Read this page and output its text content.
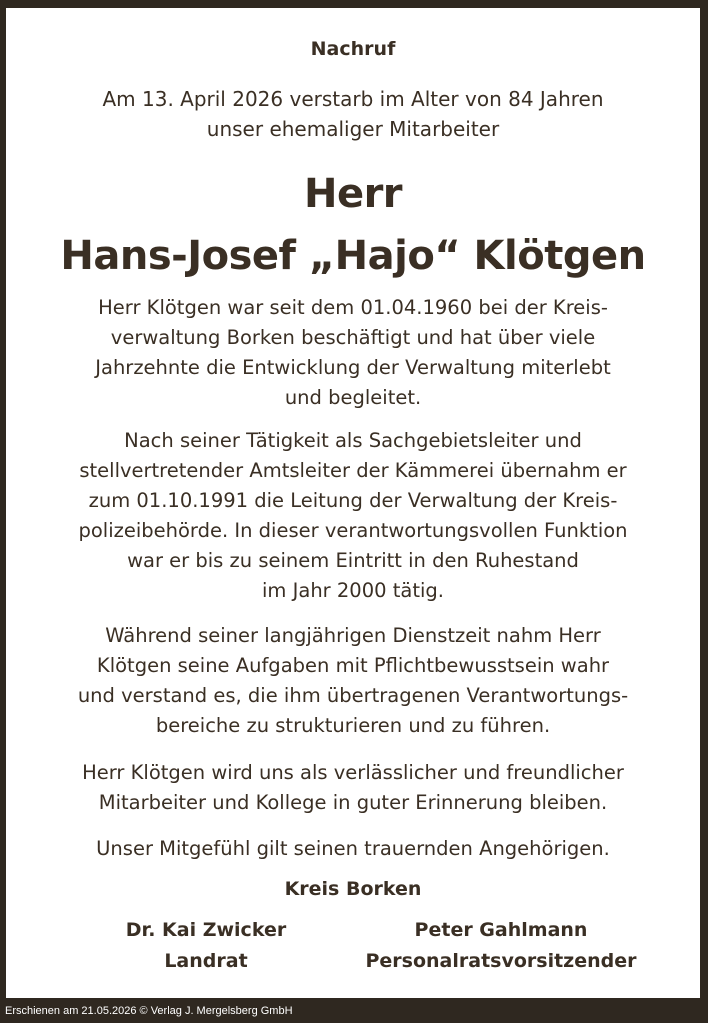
Nachruf
Am 13. April 2026 verstarb im Alter von 84 Jahren
unser ehemaliger Mitarbeiter
Herr
Hans-Josef „Hajo“ Klötgen
Herr Klötgen war seit dem 01.04.1960 bei der Kreis-
verwaltung Borken beschäftigt und hat über viele
Jahrzehnte die Entwicklung der Verwaltung miterlebt
und begleitet.
Nach seiner Tätigkeit als Sachgebietsleiter und
stellvertretender Amtsleiter der Kämmerei übernahm er
zum 01.10.1991 die Leitung der Verwaltung der Kreis-
polizeibehörde. In dieser verantwortungsvollen Funktion
war er bis zu seinem Eintritt in den Ruhestand
im Jahr 2000 tätig.
Während seiner langjährigen Dienstzeit nahm Herr
Klötgen seine Aufgaben mit Pflichtbewusstsein wahr
und verstand es, die ihm übertragenen Verantwortungs-
bereiche zu strukturieren und zu führen.
Herr Klötgen wird uns als verlässlicher und freundlicher
Mitarbeiter und Kollege in guter Erinnerung bleiben.
Unser Mitgefühl gilt seinen trauernden Angehörigen.
Kreis Borken
Dr. Kai Zwicker
Landrat
Peter Gahlmann
Personalratsvorsitzender
Erschienen am 21.05.2026 © Verlag J. Mergelsberg GmbH
